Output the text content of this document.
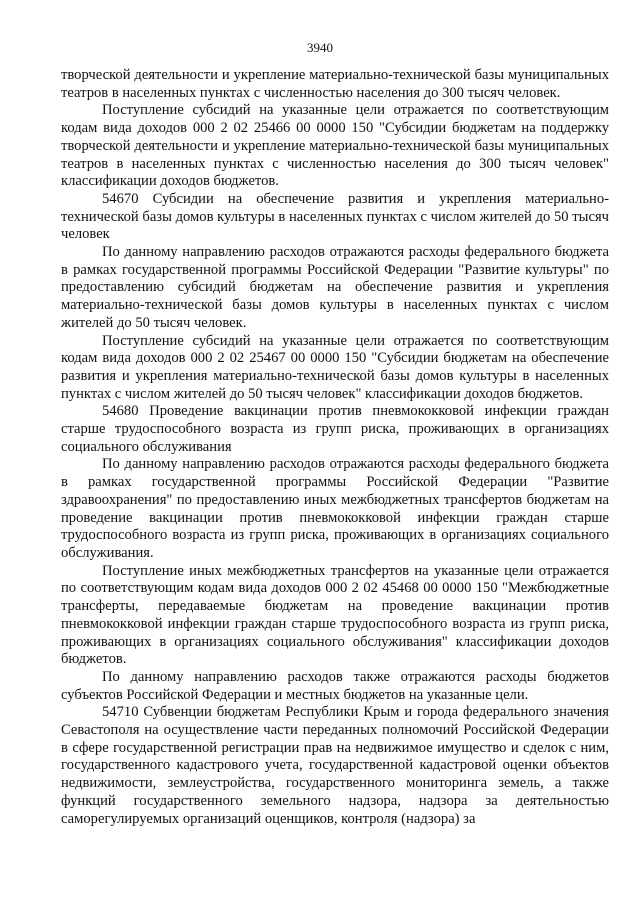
3940

творческой деятельности и укрепление материально-технической базы муниципальных театров в населенных пунктах с численностью населения до 300 тысяч человек.

Поступление субсидий на указанные цели отражается по соответствующим кодам вида доходов 000 2 02 25466 00 0000 150 "Субсидии бюджетам на поддержку творческой деятельности и укрепление материально-технической базы муниципальных театров в населенных пунктах с численностью населения до 300 тысяч человек" классификации доходов бюджетов.

54670 Субсидии на обеспечение развития и укрепления материально-технической базы домов культуры в населенных пунктах с числом жителей до 50 тысяч человек

По данному направлению расходов отражаются расходы федерального бюджета в рамках государственной программы Российской Федерации "Развитие культуры" по предоставлению субсидий бюджетам на обеспечение развития и укрепления материально-технической базы домов культуры в населенных пунктах с числом жителей до 50 тысяч человек.

Поступление субсидий на указанные цели отражается по соответствующим кодам вида доходов 000 2 02 25467 00 0000 150 "Субсидии бюджетам на обеспечение развития и укрепления материально-технической базы домов культуры в населенных пунктах с числом жителей до 50 тысяч человек" классификации доходов бюджетов.

54680 Проведение вакцинации против пневмококковой инфекции граждан старше трудоспособного возраста из групп риска, проживающих в организациях социального обслуживания

По данному направлению расходов отражаются расходы федерального бюджета в рамках государственной программы Российской Федерации "Развитие здравоохранения" по предоставлению иных межбюджетных трансфертов бюджетам на проведение вакцинации против пневмококковой инфекции граждан старше трудоспособного возраста из групп риска, проживающих в организациях социального обслуживания.

Поступление иных межбюджетных трансфертов на указанные цели отражается по соответствующим кодам вида доходов 000 2 02 45468 00 0000 150 "Межбюджетные трансферты, передаваемые бюджетам на проведение вакцинации против пневмококковой инфекции граждан старше трудоспособного возраста из групп риска, проживающих в организациях социального обслуживания" классификации доходов бюджетов.

По данному направлению расходов также отражаются расходы бюджетов субъектов Российской Федерации и местных бюджетов на указанные цели.

54710 Субвенции бюджетам Республики Крым и города федерального значения Севастополя на осуществление части переданных полномочий Российской Федерации в сфере государственной регистрации прав на недвижимое имущество и сделок с ним, государственного кадастрового учета, государственной кадастровой оценки объектов недвижимости, землеустройства, государственного мониторинга земель, а также функций государственного земельного надзора, надзора за деятельностью саморегулируемых организаций оценщиков, контроля (надзора) за
